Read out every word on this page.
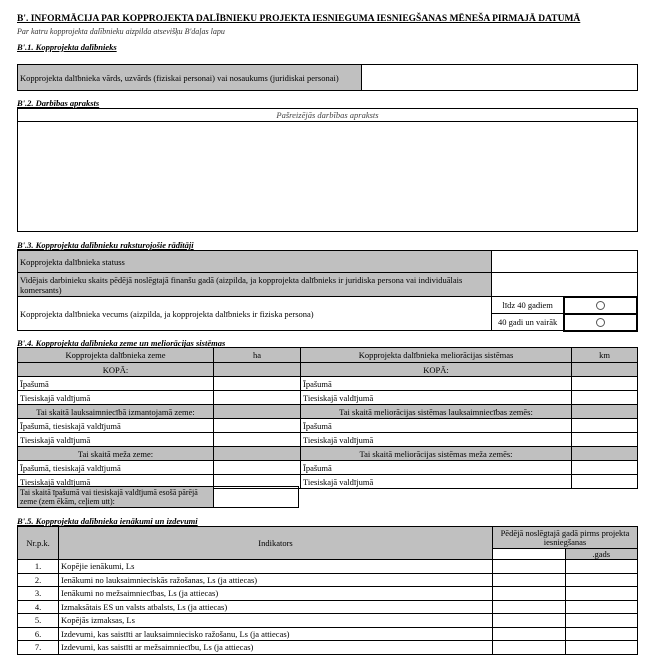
B'. INFORMĀCIJA PAR KOPPROJEKTA DALĪBNIEKU PROJEKTA IESNIEGUMA IESNIEGŠANAS MĒNEŠA PIRMAJĀ DATUMĀ
Par katru kopprojekta dalībnieku aizpilda atsevišķu B'daļas lapu
B'.1. Kopprojekta dalībnieks
Kopprojekta dalībnieka vārds, uzvārds (fiziskai personai) vai nosaukums (juridiskai personai)	
B'.2. Darbības apraksts
Pašreizējās darbības apraksts

B'.3. Kopprojekta dalībnieku raksturojošie rādītāji
Kopprojekta dalībnieka statuss		
Vidējais darbinieku skaits pēdējā noslēgtajā finanšu gadā (aizpilda, ja kopprojekta dalībnieks ir juridiska persona vai individuālais komersants)		
Kopprojekta dalībnieka vecums (aizpilda, ja kopprojekta dalībnieks ir fiziska persona)	līdz 40 gadiem	
	40 gadi un vairāk	
B'.4. Kopprojekta dalībnieka zeme un meliorācijas sistēmas
Kopprojekta dalībnieka zeme	ha	Kopprojekta dalībnieka meliorācijas sistēmas	km
KOPĀ:		KOPĀ:	
Īpašumā		Īpašumā	
Tiesiskajā valdījumā		Tiesiskajā valdījumā	
Tai skaitā lauksaimniecībā izmantojamā zeme:		Tai skaitā meliorācijas sistēmas lauksaimniecības zemēs:	
Īpašumā, tiesiskajā valdījumā		Īpašumā	
Tiesiskajā valdījumā		Tiesiskajā valdījumā	
Tai skaitā meža zeme:		Tai skaitā meliorācijas sistēmas meža zemēs:	
Īpašumā, tiesiskajā valdījumā		Īpašumā	
Tiesiskajā valdījumā		Tiesiskajā valdījumā	
Tai skaitā īpašumā vai tiesiskajā valdījumā esošā pārējā zeme (zem ēkām, ceļiem utt):	
B'.5. Kopprojekta dalībnieka ienākumi un izdevumi
Nr.p.k.	Indikators	Pēdējā noslēgtajā gadā pirms projekta iesniegšanas	
			.gads
1.	Kopējie ienākumi, Ls		
2.	Ienākumi no lauksaimnieciskās ražošanas, Ls (ja attiecas)		
3.	Ienākumi no mežsaimniecības, Ls (ja attiecas)		
4.	Izmaksātais ES un valsts atbalsts, Ls (ja attiecas)		
5.	Kopējās izmaksas, Ls		
6.	Izdevumi, kas saistīti ar lauksaimniecisko ražošanu, Ls (ja attiecas)		
7.	Izdevumi, kas saistīti ar mežsaimniecību, Ls (ja attiecas)		
